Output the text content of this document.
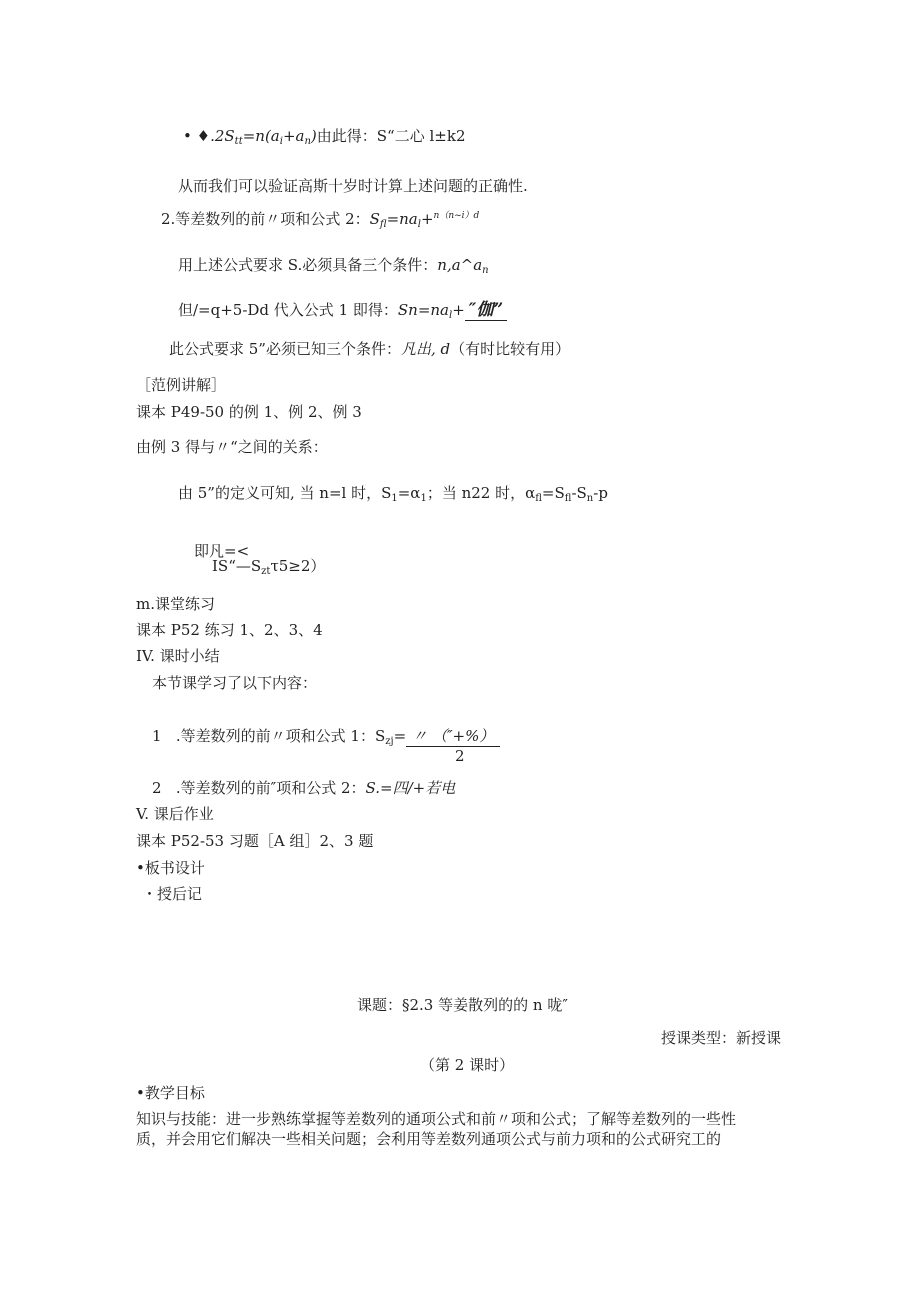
• $♦.2S_{tt}=n(a_i+a_n)$由此得：S“二心 l±k2
从而我们可以验证高斯十岁时计算上述问题的正确性.
2.等差数列的前〃项和公式 2：$S_{fl}=na_l+^{n(n\sim i)d}$
用上述公式要求 S.必须具备三个条件：$n,a\^{}a_n$
但/=q+5-Dd 代入公式 1 即得：$Sn=na_l+$ ″伽”
此公式要求 5”必须已知三个条件：凡出, d（有时比较有用）
［范例讲解］
课本 P49-50 的例 1、例 2、例 3
由例 3 得与〃“之间的关系：
由 5”的定义可知, 当 n=l 时，$S_1=\alpha_1$；当 n22 时，$\alpha_{fl}=S_{fl}-S_n-p$
即凡=<
$IS“—S_{zt}\tau 5\ge 2$）
m.课堂练习
课本 P52 练习 1、2、3、4
IV. 课时小结
本节课学习了以下内容：
1 .等差数列的前〃项和公式 1：$S_{zj}=$ 〃 （″+%）
2
2 .等差数列的前″项和公式 2：S.=四/+若电
V. 课后作业
课本 P52-53 习题［A 组］2、3 题
•板书设计
・授后记
课题：§2.3 等姜散列的的 n 咙″
授课类型：新授课
（第 2 课时）
•教学目标
知识与技能：进一步熟练掌握等差数列的通项公式和前〃项和公式；了解等差数列的一些性
质，并会用它们解决一些相关问题；会利用等差数列通项公式与前力项和的公式研究工的
